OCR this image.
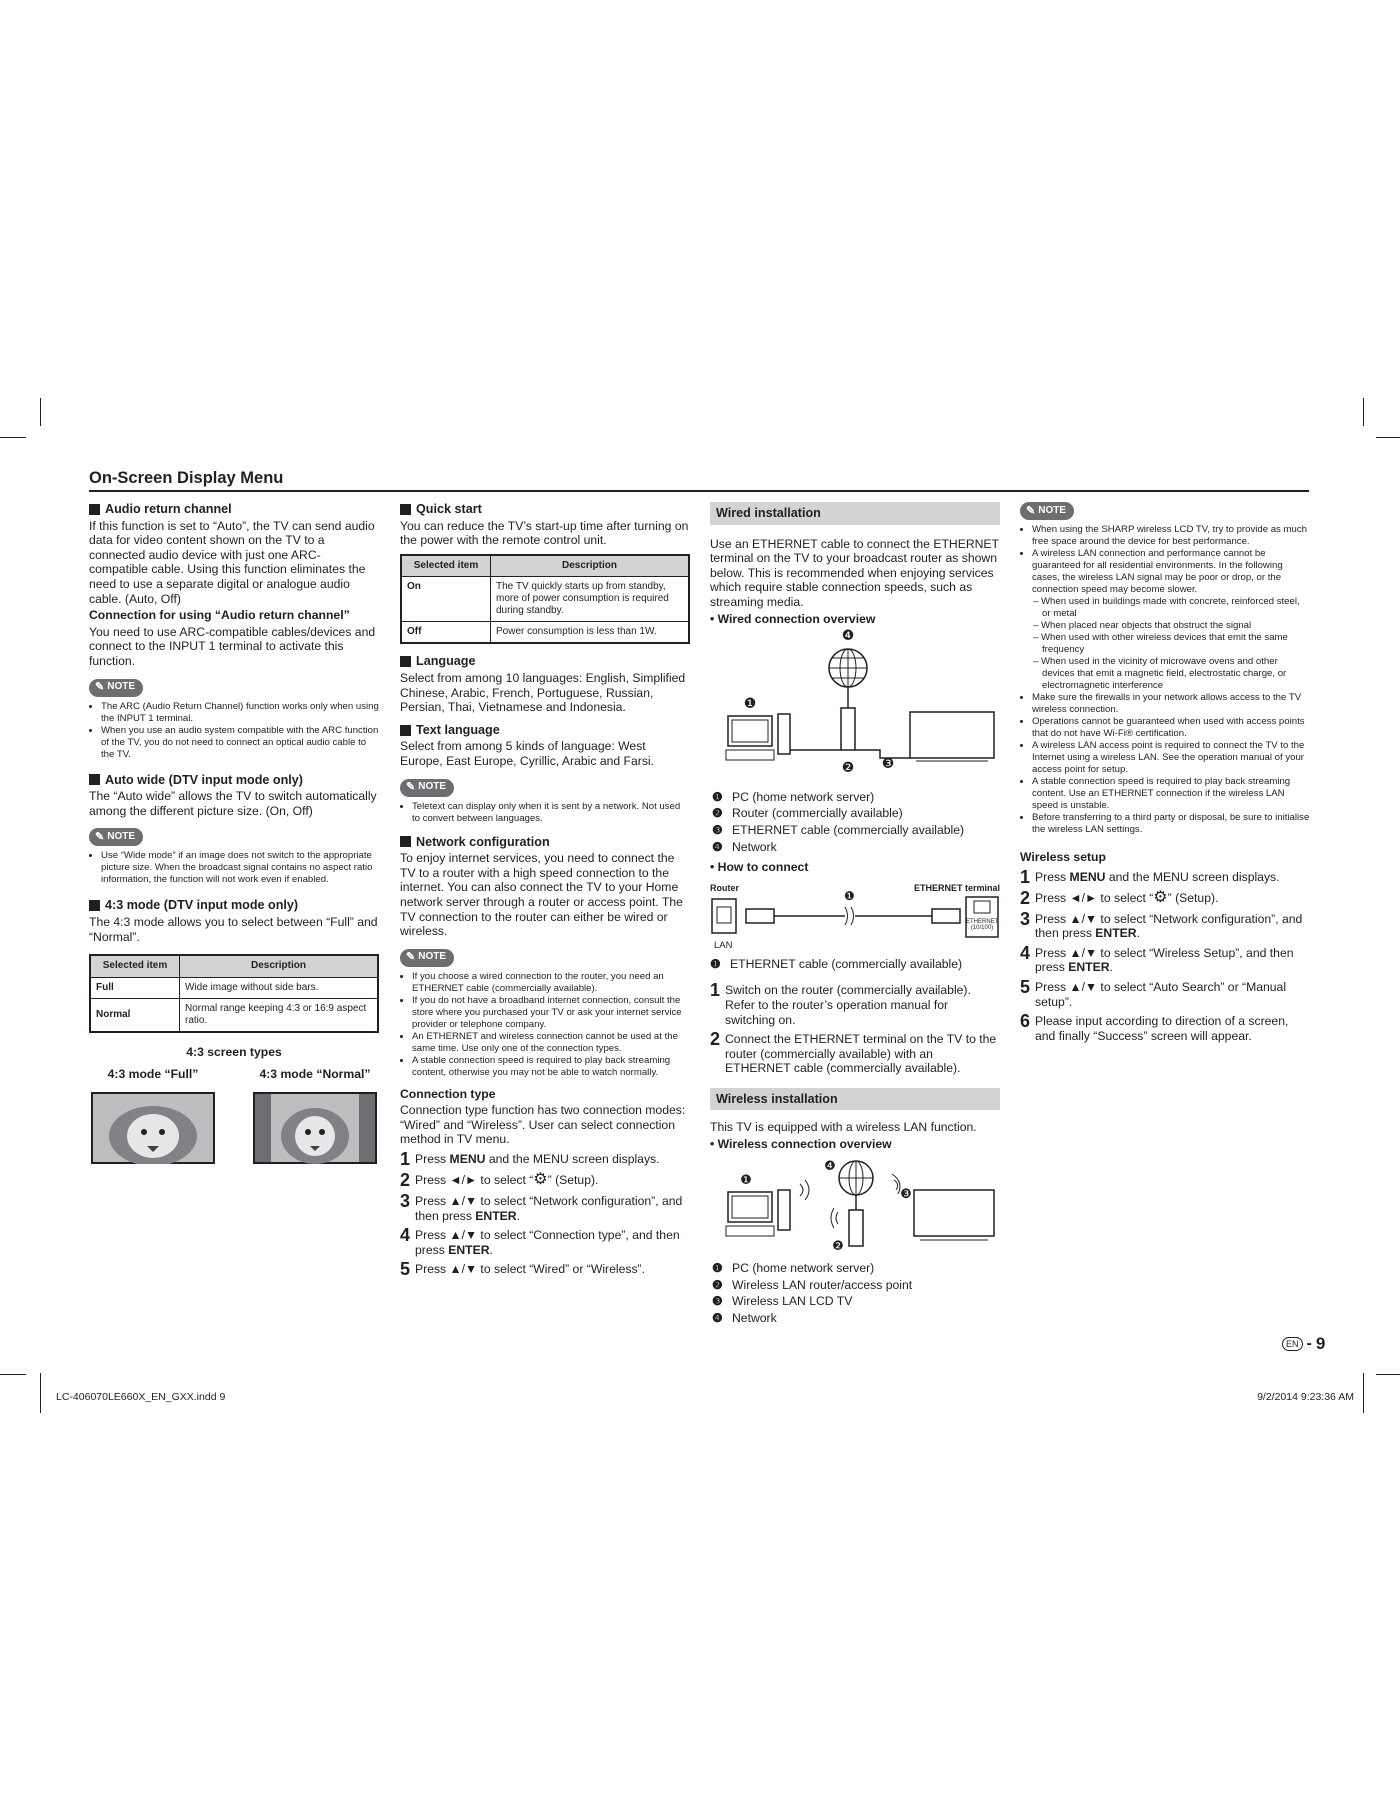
On-Screen Display Menu

Audio return channel

If this function is set to “Auto”, the TV can send audio data for video content shown on the TV to a connected audio device with just one ARC-compatible cable. Using this function eliminates the need to use a separate digital or analogue audio cable. (Auto, Off)

Connection for using “Audio return channel”

You need to use ARC-compatible cables/devices and connect to the INPUT 1 terminal to activate this function.

✎ NOTE
• The ARC (Audio Return Channel) function works only when using the INPUT 1 terminal.
• When you use an audio system compatible with the ARC function of the TV, you do not need to connect an optical audio cable to the TV.

Auto wide (DTV input mode only)

The “Auto wide” allows the TV to switch automatically among the different picture size. (On, Off)

✎ NOTE
• Use “Wide mode” if an image does not switch to the appropriate picture size. When the broadcast signal contains no aspect ratio information, the function will not work even if enabled.

4:3 mode (DTV input mode only)

The 4:3 mode allows you to select between “Full” and “Normal”.

Selected item	Description
Full	Wide image without side bars.
Normal	Normal range keeping 4:3 or 16:9 aspect ratio.

4:3 screen types

4:3 mode “Full”	4:3 mode “Normal”

Quick start

You can reduce the TV’s start-up time after turning on the power with the remote control unit.

Selected item	Description
On	The TV quickly starts up from standby, more of power consumption is required during standby.
Off	Power consumption is less than 1W.

Language

Select from among 10 languages: English, Simplified Chinese, Arabic, French, Portuguese, Russian, Persian, Thai, Vietnamese and Indonesia.

Text language

Select from among 5 kinds of language: West Europe, East Europe, Cyrillic, Arabic and Farsi.

✎ NOTE
• Teletext can display only when it is sent by a network. Not used to convert between languages.

Network configuration

To enjoy internet services, you need to connect the TV to a router with a high speed connection to the internet. You can also connect the TV to your Home network server through a router or access point. The TV connection to the router can either be wired or wireless.

✎ NOTE
• If you choose a wired connection to the router, you need an ETHERNET cable (commercially available).
• If you do not have a broadband internet connection, consult the store where you purchased your TV or ask your internet service provider or telephone company.
• An ETHERNET and wireless connection cannot be used at the same time. Use only one of the connection types.
• A stable connection speed is required to play back streaming content, otherwise you may not be able to watch normally.

Connection type

Connection type function has two connection modes: “Wired” and “Wireless”. User can select connection method in TV menu.

1 Press MENU and the MENU screen displays.
2 Press ◄/► to select “⚙” (Setup).
3 Press ▲/▼ to select “Network configuration”, and then press ENTER.
4 Press ▲/▼ to select “Connection type”, and then press ENTER.
5 Press ▲/▼ to select “Wired” or “Wireless”.

Wired installation

Use an ETHERNET cable to connect the ETHERNET terminal on the TV to your broadcast router as shown below. This is recommended when enjoying services which require stable connection speeds, such as streaming media.

• Wired connection overview

❹
❶
❷ ❸

❶ PC (home network server)

❷ Router (commercially available)

❸ ETHERNET cable (commercially available)

❹ Network

• How to connect

Router	ETHERNET terminal
❶
ETHERNET (10/100)
LAN

❶ ETHERNET cable (commercially available)

1 Switch on the router (commercially available). Refer to the router’s operation manual for switching on.
2 Connect the ETHERNET terminal on the TV to the router (commercially available) with an ETHERNET cable (commercially available).

Wireless installation

This TV is equipped with a wireless LAN function.

• Wireless connection overview

❶
❹
❷
❸

❶ PC (home network server)

❷ Wireless LAN router/access point

❸ Wireless LAN LCD TV

❹ Network

✎ NOTE
• When using the SHARP wireless LCD TV, try to provide as much free space around the device for best performance.
• A wireless LAN connection and performance cannot be guaranteed for all residential environments. In the following cases, the wireless LAN signal may be poor or drop, or the connection speed may become slower.
– When used in buildings made with concrete, reinforced steel, or metal
– When placed near objects that obstruct the signal
– When used with other wireless devices that emit the same frequency
– When used in the vicinity of microwave ovens and other devices that emit a magnetic field, electrostatic charge, or electromagnetic interference
• Make sure the firewalls in your network allows access to the TV wireless connection.
• Operations cannot be guaranteed when used with access points that do not have Wi-Fi® certification.
• A wireless LAN access point is required to connect the TV to the Internet using a wireless LAN. See the operation manual of your access point for setup.
• A stable connection speed is required to play back streaming content. Use an ETHERNET connection if the wireless LAN speed is unstable.
• Before transferring to a third party or disposal, be sure to initialise the wireless LAN settings.

Wireless setup

1 Press MENU and the MENU screen displays.
2 Press ◄/► to select “⚙” (Setup).
3 Press ▲/▼ to select “Network configuration”, and then press ENTER.
4 Press ▲/▼ to select “Wireless Setup”, and then press ENTER.
5 Press ▲/▼ to select “Auto Search” or “Manual setup”.
6 Please input according to direction of a screen, and finally “Success” screen will appear.
EN - 9
LC-406070LE660X_EN_GXX.indd 9	9/2/2014 9:23:36 AM
